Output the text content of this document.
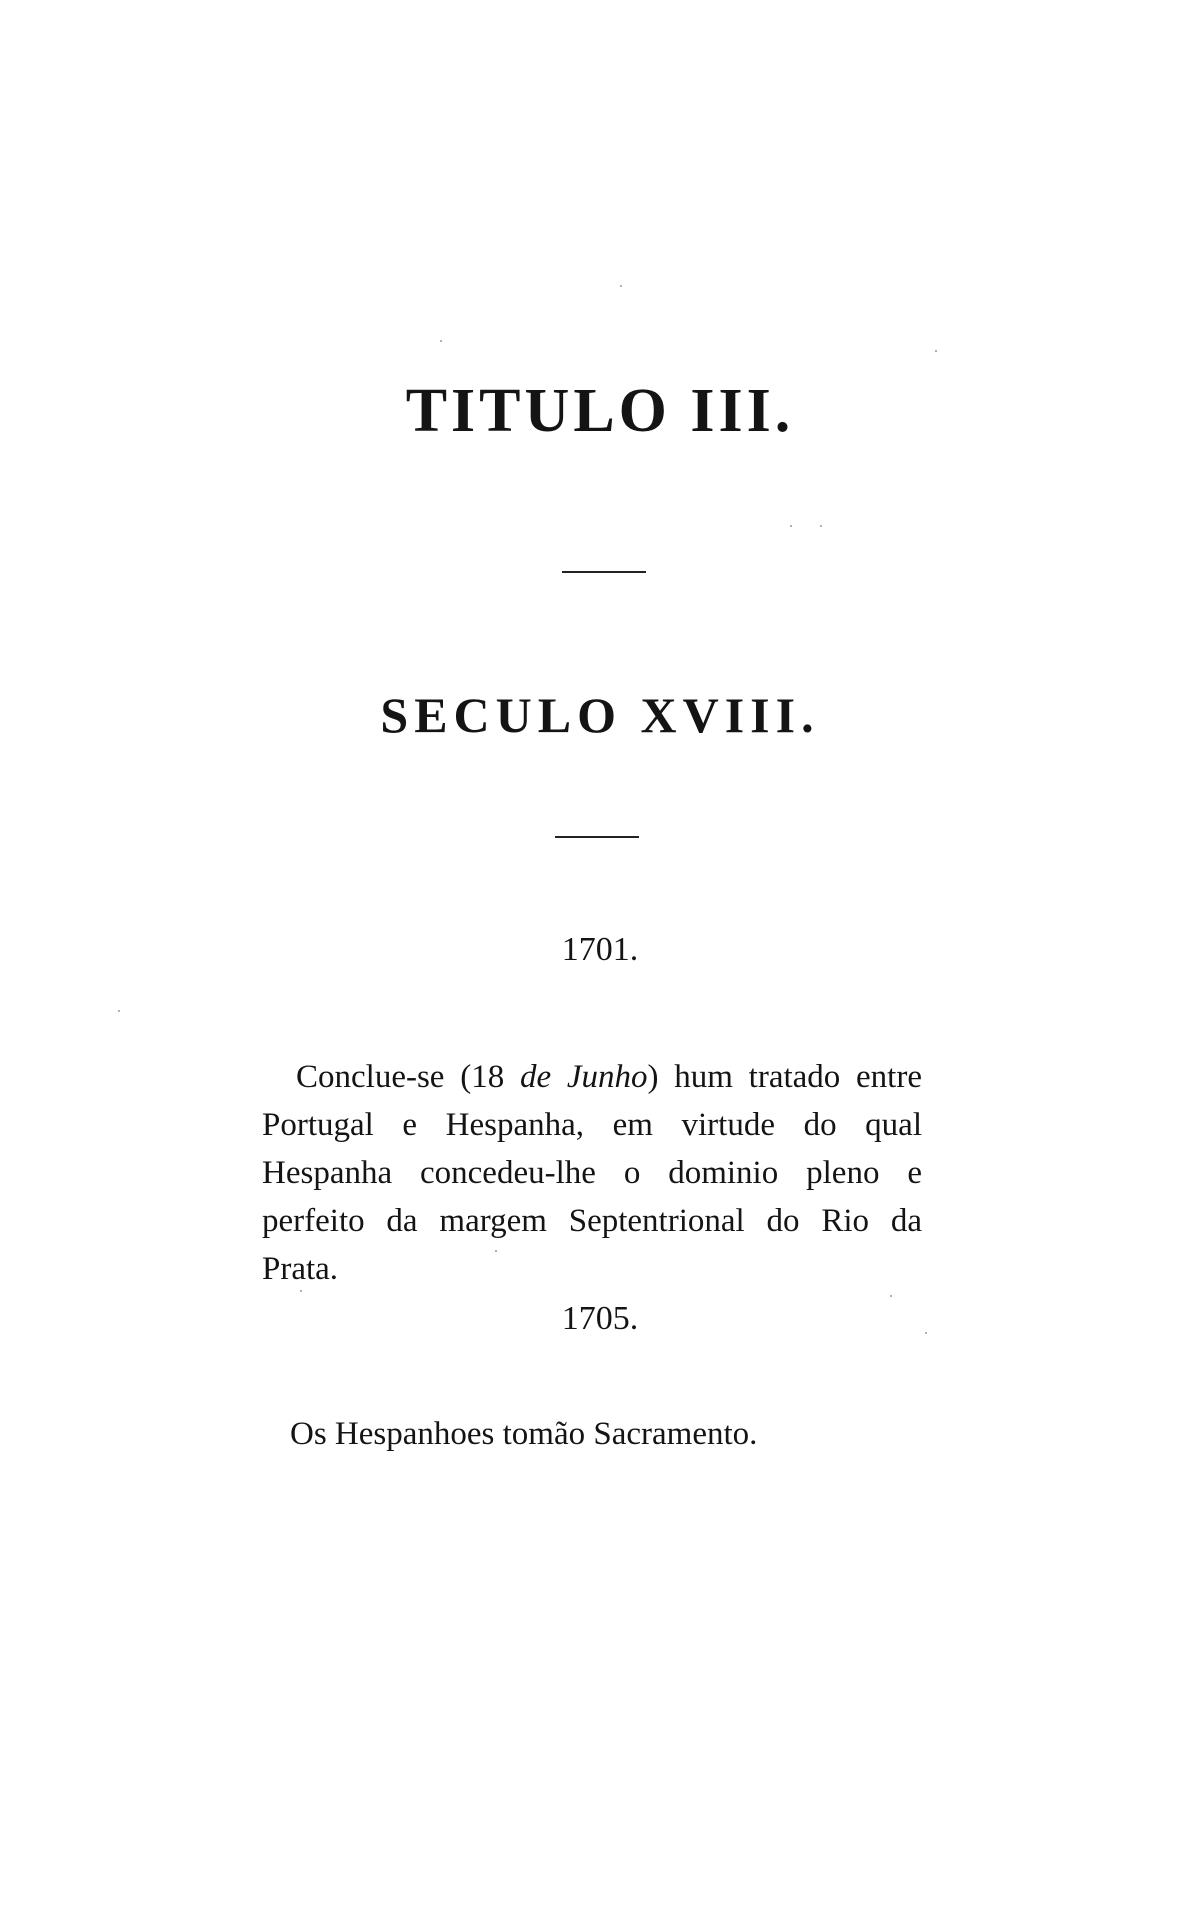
TITULO III.
SECULO XVIII.
1701.
Conclue-se (18 de Junho) hum tratado entre Portugal e Hespanha, em virtude do qual Hespanha concedeu-lhe o dominio pleno e perfeito da margem Septentrional do Rio da Prata.
1705.
Os Hespanhoes tomão Sacramento.
